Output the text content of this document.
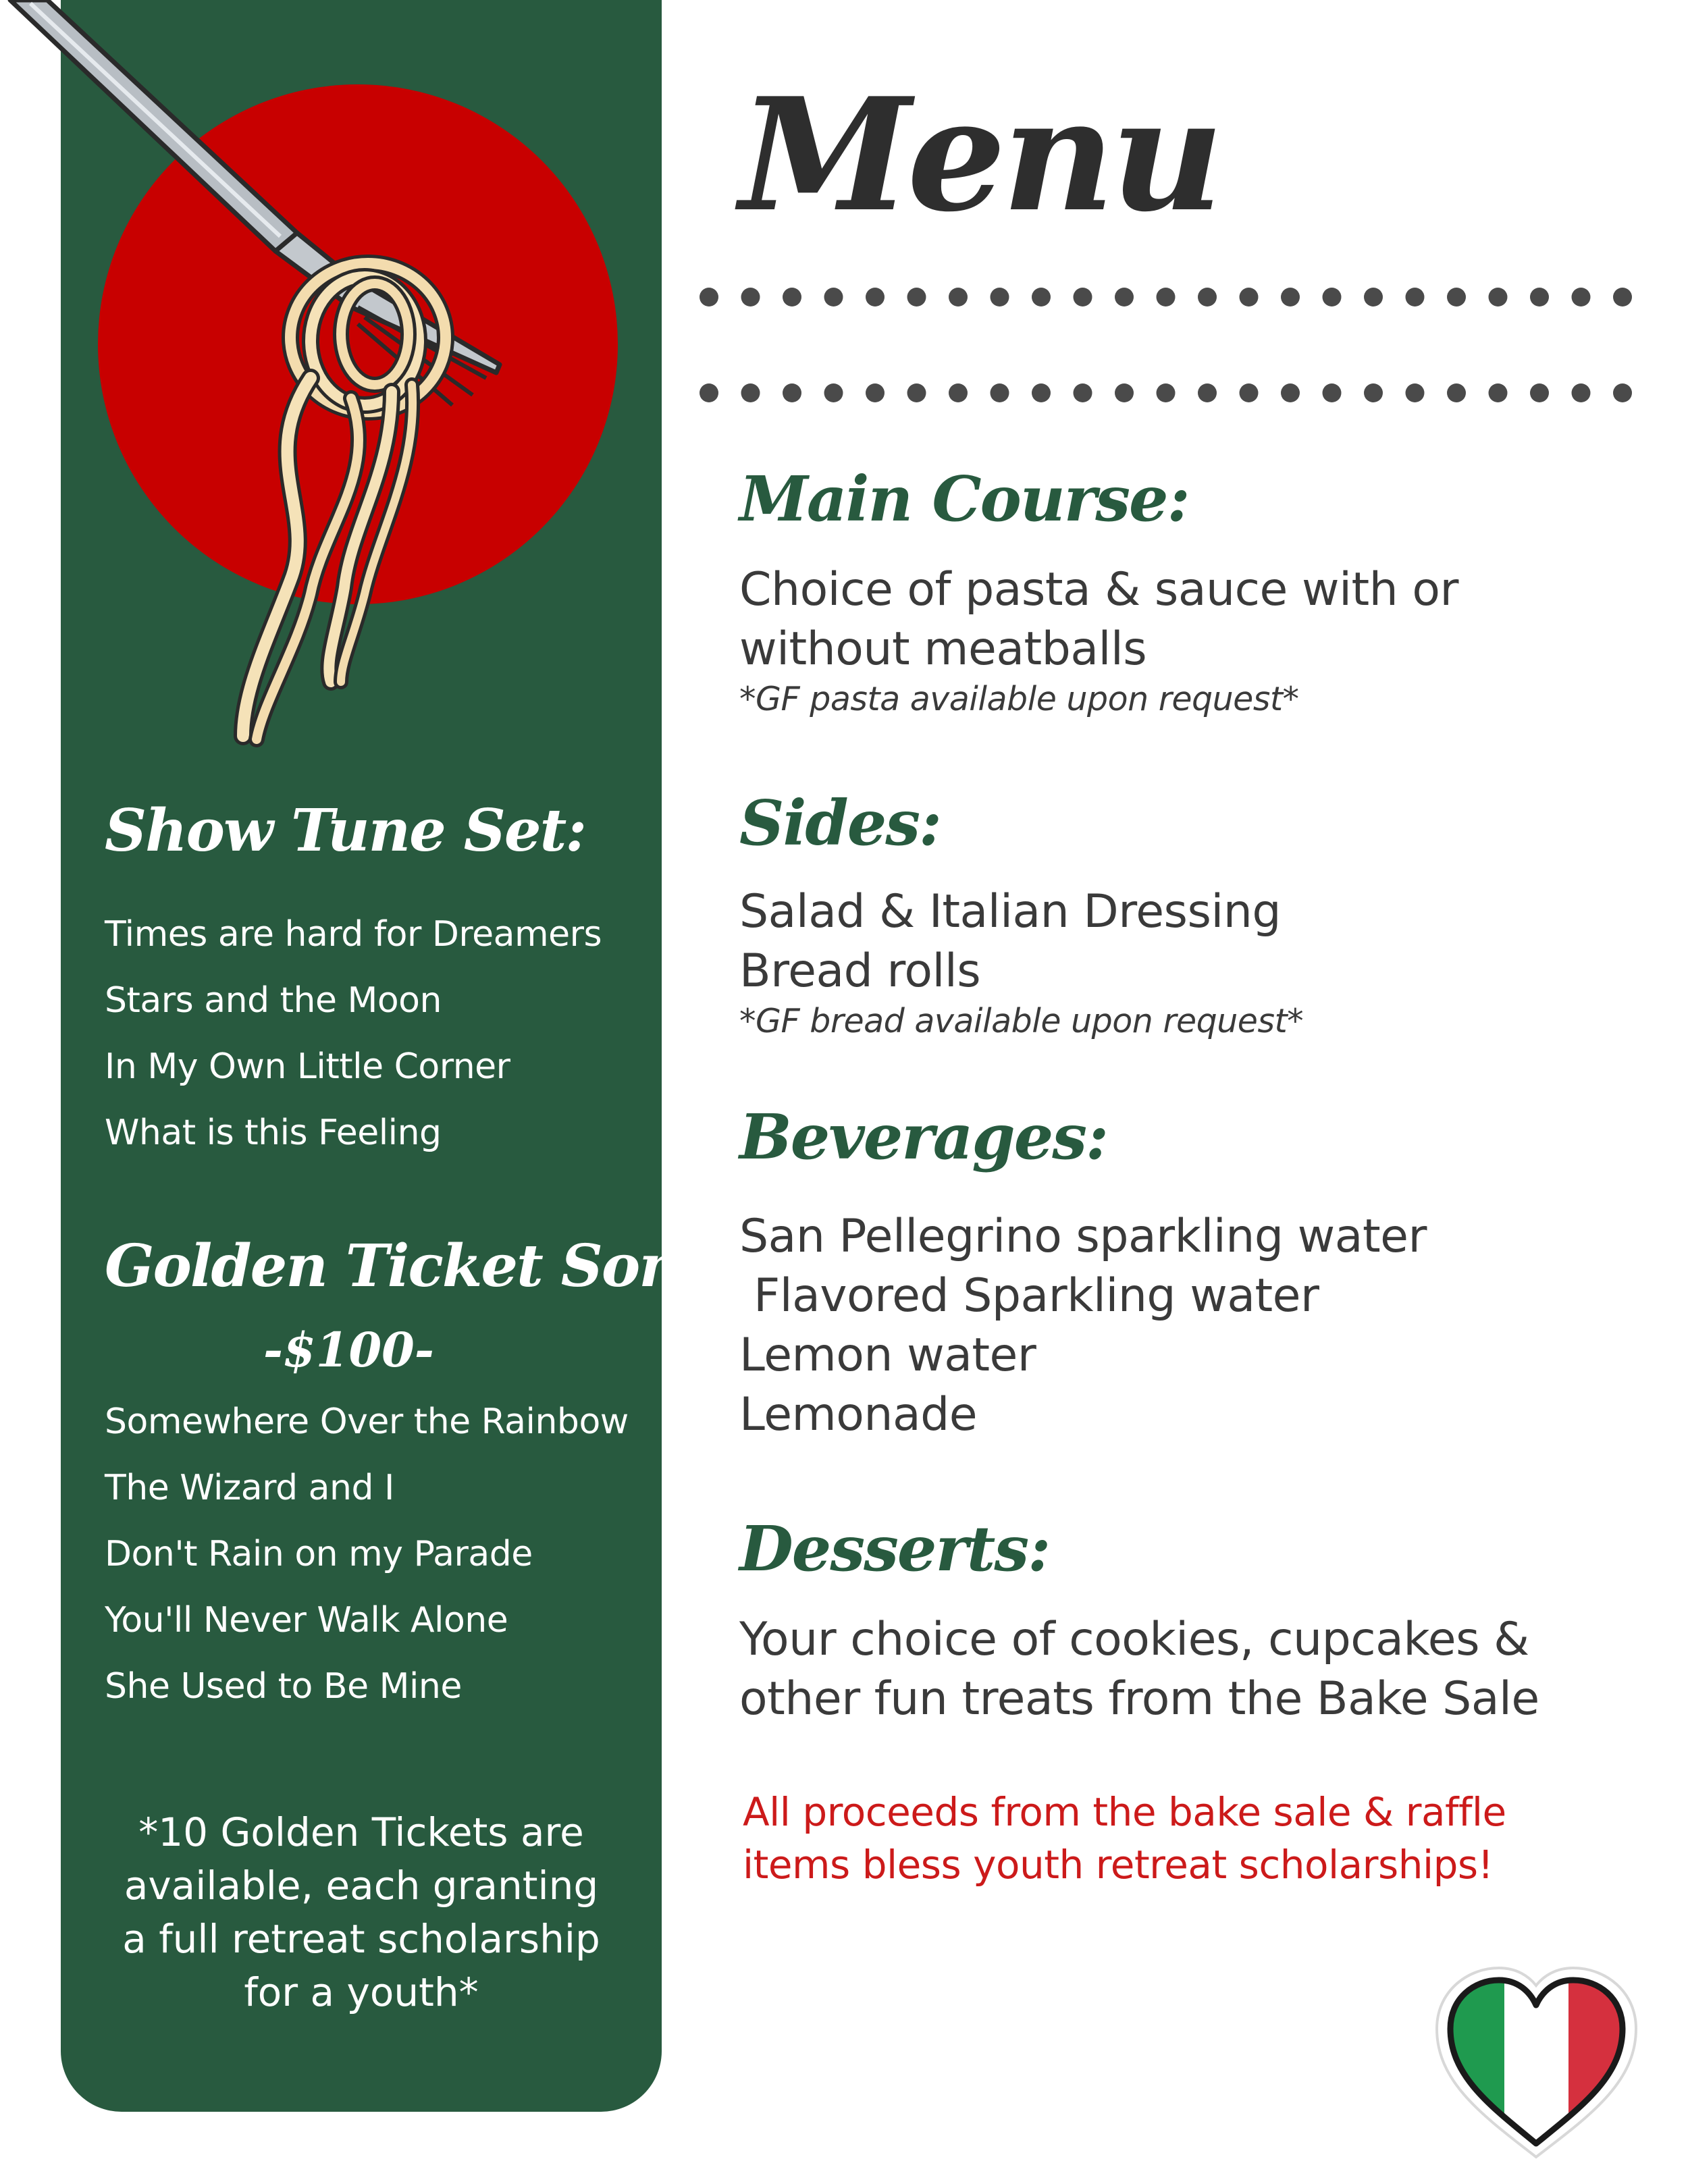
Show Tune Set:
Times are hard for Dreamers
Stars and the Moon
In My Own Little Corner
What is this Feeling
Golden Ticket Songs:

-$100-

Somewhere Over the Rainbow
The Wizard and I
Don't Rain on my Parade
You'll Never Walk Alone
She Used to Be Mine

*10 Golden Tickets are
available, each granting
a full retreat scholarship
for a youth*

Menu
Main Course:
Choice of pasta & sauce with or
without meatballs
*GF pasta available upon request*
Sides:
Salad & Italian Dressing
Bread rolls
*GF bread available upon request*
Beverages:
San Pellegrino sparkling water
Flavored Sparkling water
Lemon water
Lemonade
Desserts:
Your choice of cookies, cupcakes &
other fun treats from the Bake Sale

All proceeds from the bake sale & raffle
items bless youth retreat scholarships!
